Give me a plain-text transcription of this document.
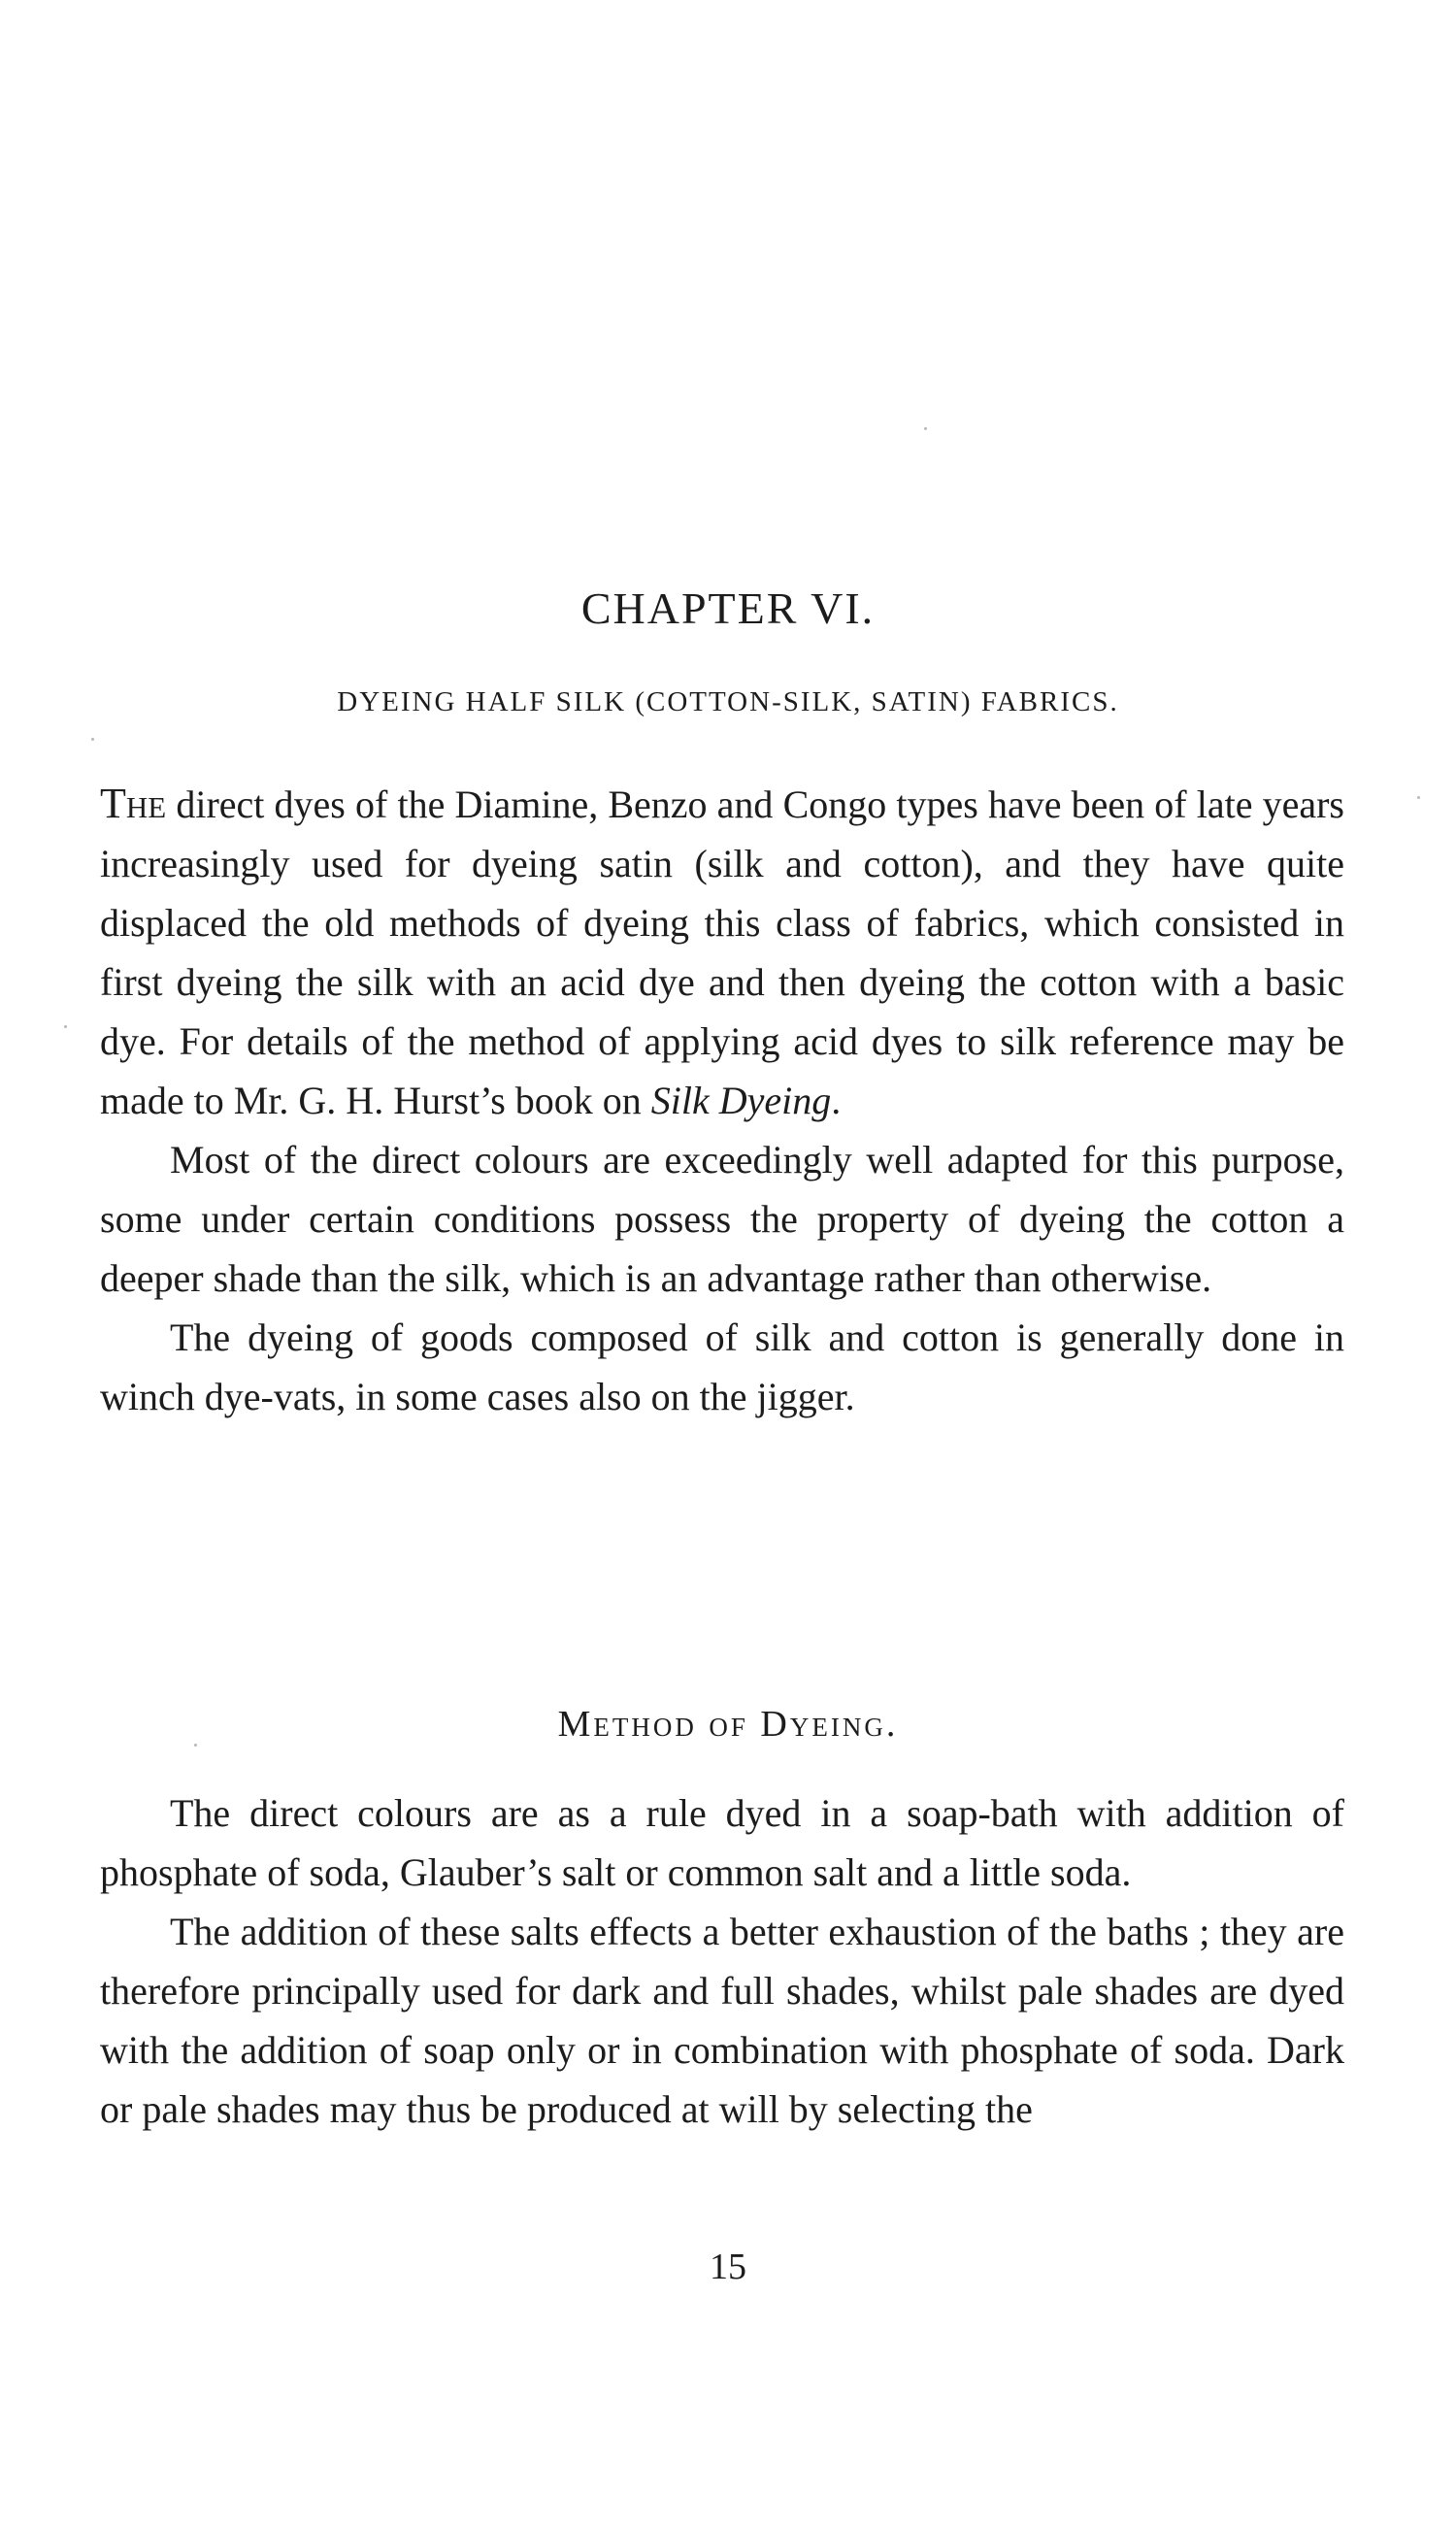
CHAPTER VI.
DYEING HALF SILK (COTTON-SILK, SATIN) FABRICS.

The direct dyes of the Diamine, Benzo and Congo types have been of late years increasingly used for dyeing satin (silk and cotton), and they have quite displaced the old methods of dyeing this class of fabrics, which consisted in first dyeing the silk with an acid dye and then dyeing the cotton with a basic dye. For details of the method of applying acid dyes to silk reference may be made to Mr. G. H. Hurst’s book on Silk Dyeing.

Most of the direct colours are exceedingly well adapted for this purpose, some under certain conditions possess the property of dyeing the cotton a deeper shade than the silk, which is an advantage rather than otherwise.

The dyeing of goods composed of silk and cotton is generally done in winch dye-vats, in some cases also on the jigger.

Method of Dyeing.

The direct colours are as a rule dyed in a soap-bath with addition of phosphate of soda, Glauber’s salt or common salt and a little soda.

The addition of these salts effects a better exhaustion of the baths ; they are therefore principally used for dark and full shades, whilst pale shades are dyed with the addition of soap only or in combination with phosphate of soda. Dark or pale shades may thus be produced at will by selecting the

15
